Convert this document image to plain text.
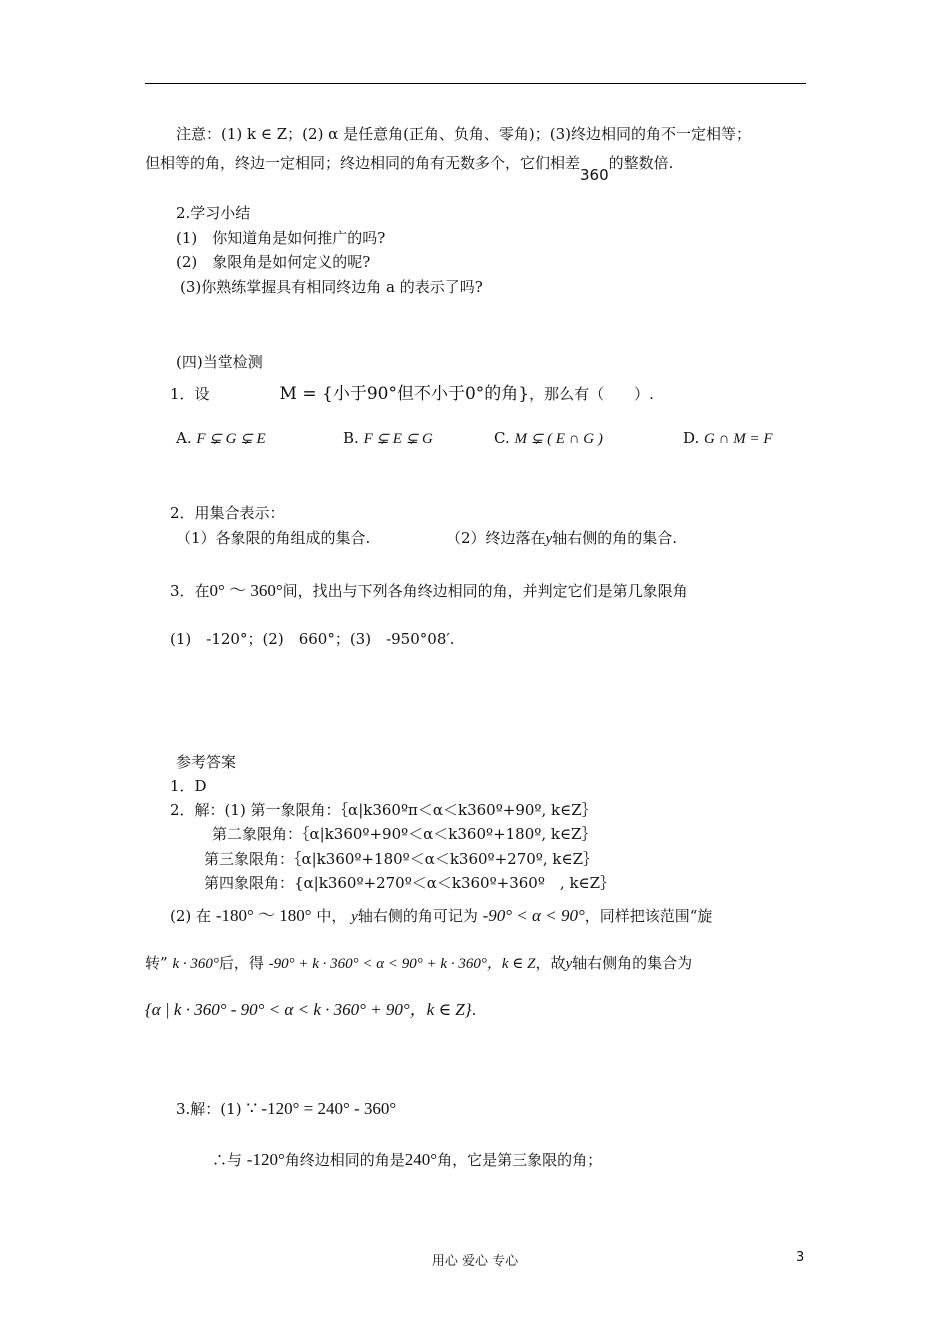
注意：(1) k ∈ Z；(2) α 是任意角(正角、负角、零角)；(3)终边相同的角不一定相等；
但相等的角，终边一定相同；终边相同的角有无数多个，它们相差360的整数倍.
2.学习小结
(1)　你知道角是如何推广的吗?
(2)　象限角是如何定义的呢?
(3)你熟练掌握具有相同终边角 a 的表示了吗?
(四)当堂检测
1．设	M = {小于90°但不小于0°的角}，那么有（　　）.
A. F ⊊ G ⊊ E	B. F ⊊ E ⊊ G	C. M ⊊ ( E ∩ G )	D. G ∩ M = F
2．用集合表示：
（1）各象限的角组成的集合.	（2）终边落在y轴右侧的角的集合.
3．在0° ～ 360°间，找出与下列各角终边相同的角，并判定它们是第几象限角
(1)　-120°；(2)　660°；(3)　-950°08′.
参考答案
1．D
2．解：(1) 第一象限角：｛α|k360ºπ＜α＜k360º+90º, k∈Z｝
第二象限角：｛α|k360º+90º＜α＜k360º+180º, k∈Z｝
第三象限角：｛α|k360º+180º＜α＜k360º+270º, k∈Z｝
第四象限角：{α|k360º+270º＜α＜k360º+360º　, k∈Z｝
(2) 在 -180° ～ 180° 中， y轴右侧的角可记为 -90° < α < 90°，同样把该范围“旋
转” k · 360°后，得 -90° + k · 360° < α < 90° + k · 360°，k ∈ Z，故y轴右侧角的集合为
{α | k · 360° - 90° < α < k · 360° + 90°，k ∈ Z}.
3.解：(1) ∵ -120° = 240° - 360°
∴与 -120°角终边相同的角是240°角，它是第三象限的角；
用心 爱心 专心	3
